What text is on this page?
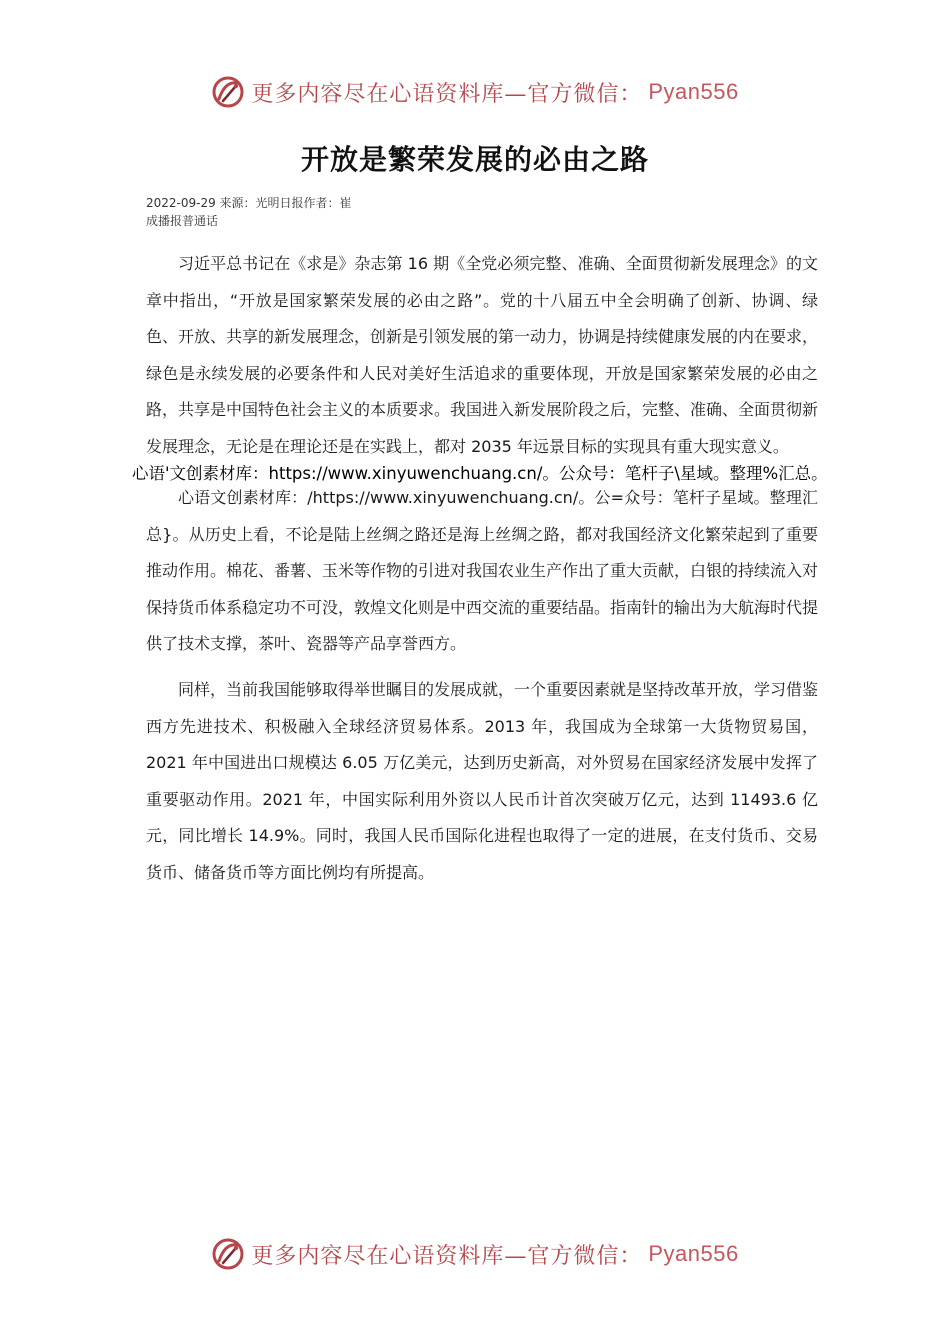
更多内容尽在心语资料库—官方微信： Pyan556
开放是繁荣发展的必由之路
2022-09-29 来源：光明日报作者：崔
成播报普通话

习近平总书记在《求是》杂志第 16 期《全党必须完整、准确、全面贯彻新发展理念》的文章中指出，“开放是国家繁荣发展的必由之路”。党的十八届五中全会明确了创新、协调、绿色、开放、共享的新发展理念，创新是引领发展的第一动力，协调是持续健康发展的内在要求，绿色是永续发展的必要条件和人民对美好生活追求的重要体现，开放是国家繁荣发展的必由之路，共享是中国特色社会主义的本质要求。我国进入新发展阶段之后，完整、准确、全面贯彻新发展理念，无论是在理论还是在实践上，都对 2035 年远景目标的实现具有重大现实意义。

心语'文创素材库：https://www.xinyuwenchuang.cn/。公众号：笔杆子\星域。整理%汇总。

心语文创素材库：/https://www.xinyuwenchuang.cn/。公=众号：笔杆子星域。整理汇总}。从历史上看，不论是陆上丝绸之路还是海上丝绸之路，都对我国经济文化繁荣起到了重要推动作用。棉花、番薯、玉米等作物的引进对我国农业生产作出了重大贡献，白银的持续流入对保持货币体系稳定功不可没，敦煌文化则是中西交流的重要结晶。指南针的输出为大航海时代提供了技术支撑，茶叶、瓷器等产品享誉西方。

同样，当前我国能够取得举世瞩目的发展成就，一个重要因素就是坚持改革开放，学习借鉴西方先进技术、积极融入全球经济贸易体系。2013 年，我国成为全球第一大货物贸易国，2021 年中国进出口规模达 6.05 万亿美元，达到历史新高，对外贸易在国家经济发展中发挥了重要驱动作用。2021 年，中国实际利用外资以人民币计首次突破万亿元，达到 11493.6 亿元，同比增长 14.9%。同时，我国人民币国际化进程也取得了一定的进展，在支付货币、交易货币、储备货币等方面比例均有所提高。

更多内容尽在心语资料库—官方微信： Pyan556
